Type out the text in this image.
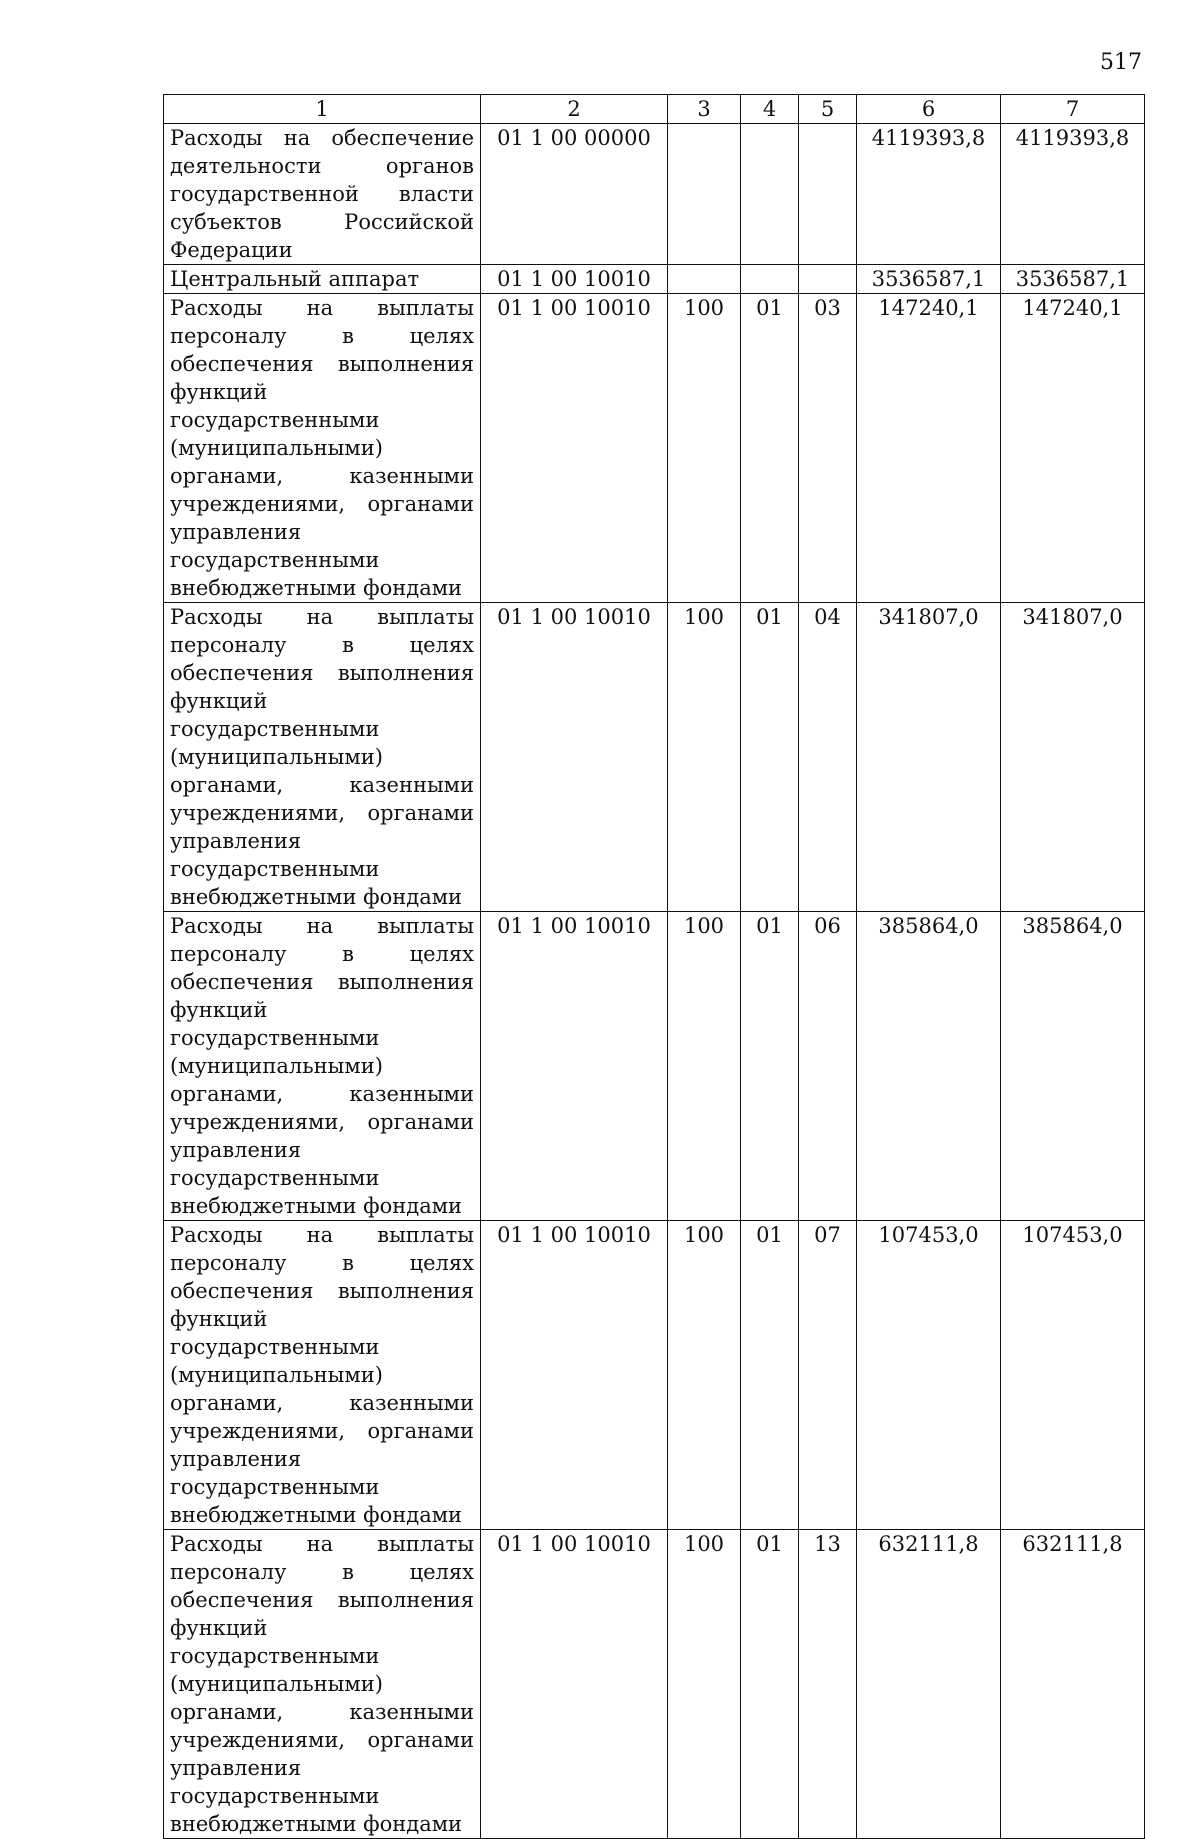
517
1	2	3	4	5	6	7
Расходы на обеспечение деятельности органов государственной власти субъектов Российской Федерации	01 1 00 00000				4119393,8	4119393,8
Центральный аппарат	01 1 00 10010				3536587,1	3536587,1
Расходы на выплаты персоналу в целях обеспечения выполнения функций государственными (муниципальными) органами, казенными учреждениями, органами управления государственными внебюджетными фондами	01 1 00 10010	100	01	03	147240,1	147240,1
Расходы на выплаты персоналу в целях обеспечения выполнения функций государственными (муниципальными) органами, казенными учреждениями, органами управления государственными внебюджетными фондами	01 1 00 10010	100	01	04	341807,0	341807,0
Расходы на выплаты персоналу в целях обеспечения выполнения функций государственными (муниципальными) органами, казенными учреждениями, органами управления государственными внебюджетными фондами	01 1 00 10010	100	01	06	385864,0	385864,0
Расходы на выплаты персоналу в целях обеспечения выполнения функций государственными (муниципальными) органами, казенными учреждениями, органами управления государственными внебюджетными фондами	01 1 00 10010	100	01	07	107453,0	107453,0
Расходы на выплаты персоналу в целях обеспечения выполнения функций государственными (муниципальными) органами, казенными учреждениями, органами управления государственными внебюджетными фондами	01 1 00 10010	100	01	13	632111,8	632111,8
